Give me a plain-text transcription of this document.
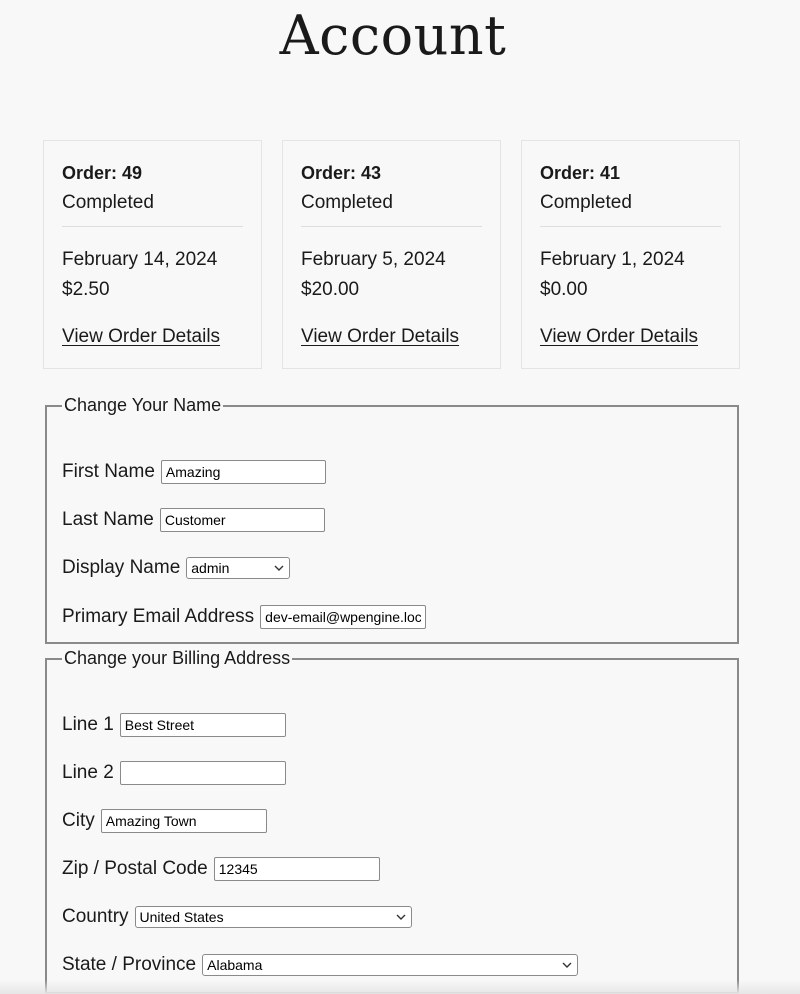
Account
Order: 49
Completed
February 14, 2024
$2.50
View Order Details
Order: 43
Completed
February 5, 2024
$20.00
View Order Details
Order: 41
Completed
February 1, 2024
$0.00
View Order Details
Change Your Name
First Name
Amazing
Last Name
Customer
Display Name admin
Primary Email Address
dev-email@wpengine.local
Change your Billing Address
Line 1
Best Street
Line 2
City
Amazing Town
Zip / Postal Code
12345
Country United States
State / Province Alabama
